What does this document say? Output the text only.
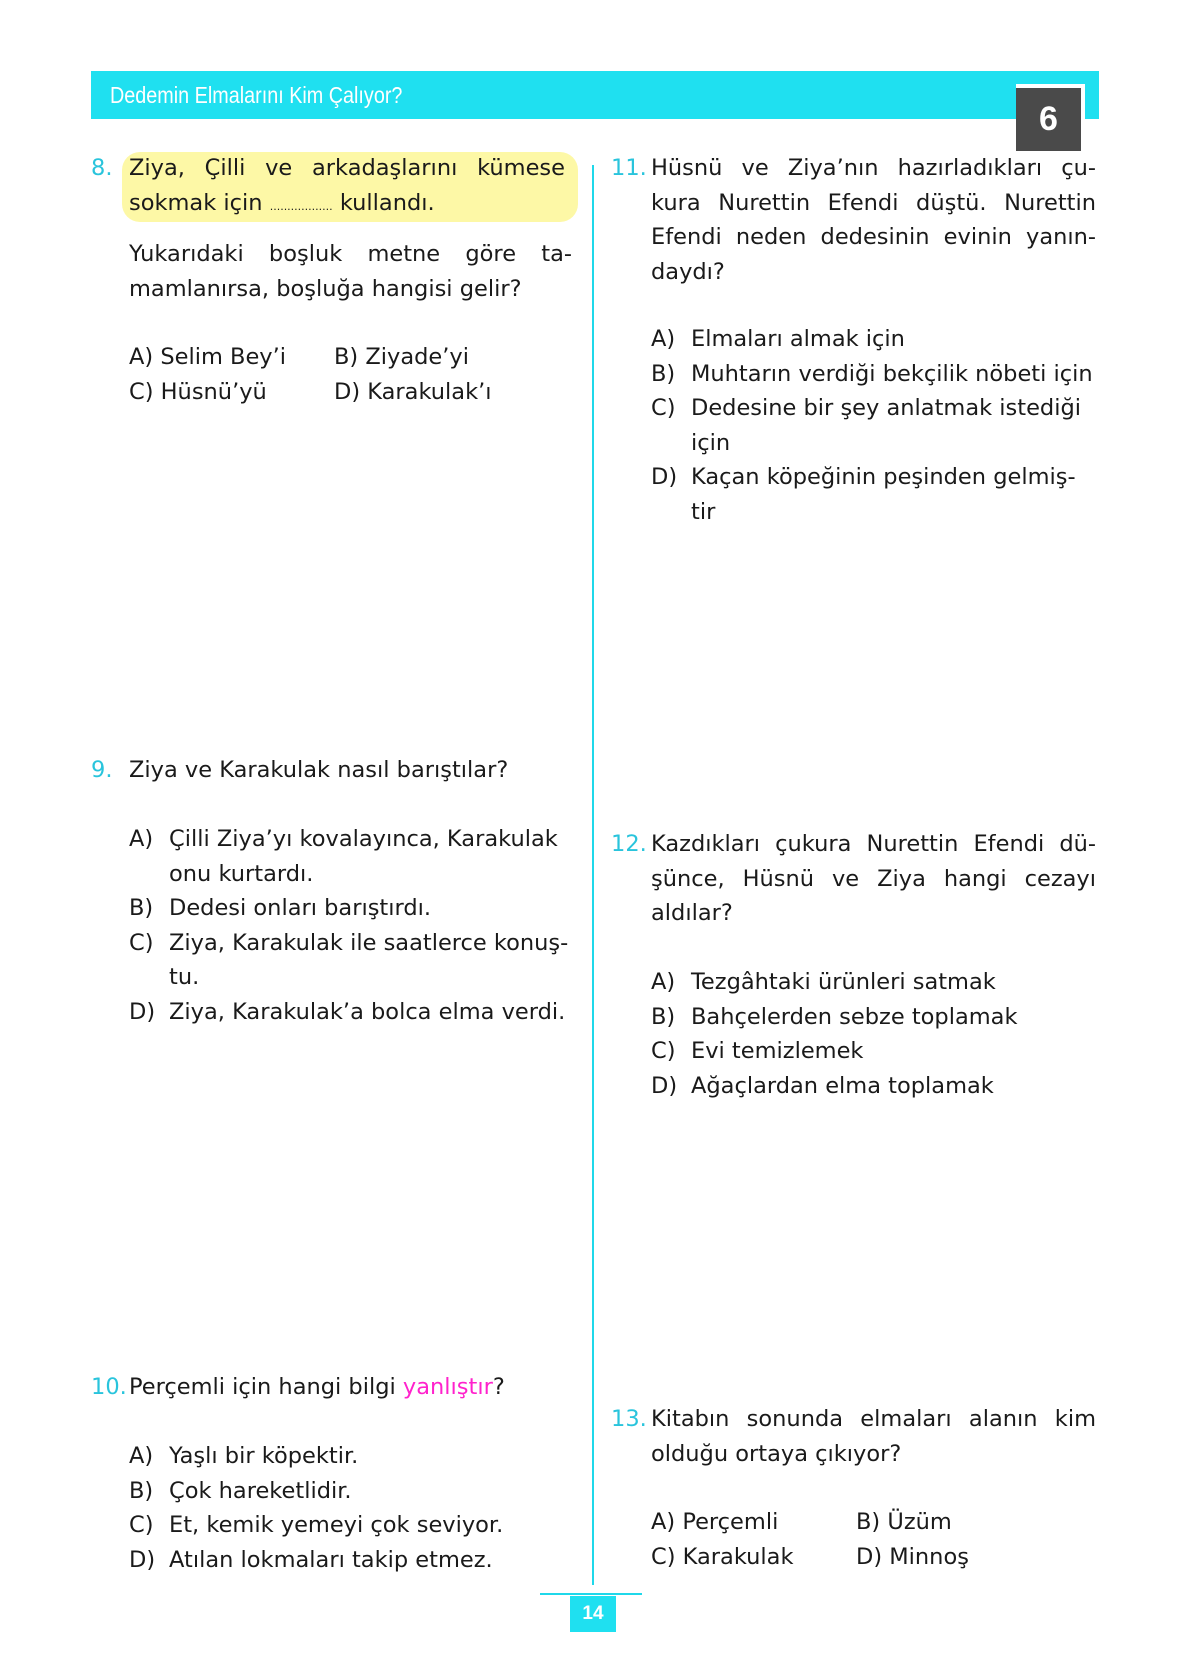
Dedemin Elmalarını Kim Çalıyor?
6
8. Ziya, Çilli ve arkadaşlarını kümese

sokmak için .................. kullandı.

Yukarıdaki boşluk metne göre ta-

mamlanırsa, boşluğa hangisi gelir?

A) Selim Bey’i B) Ziyade’yi
C) Hüsnü’yü	D) Karakulak’ı
9. Ziya ve Karakulak nasıl barıştılar?

A) Çilli Ziya’yı kovalayınca, Karakulak
onu kurtardı.
B) Dedesi onları barıştırdı.
C) Ziya, Karakulak ile saatlerce konuş-
tu.
D) Ziya, Karakulak’a bolca elma verdi.
10. Perçemli için hangi bilgi yanlıştır?

A) Yaşlı bir köpektir.
B) Çok hareketlidir.
C) Et, kemik yemeyi çok seviyor.
D) Atılan lokmaları takip etmez.
11. Hüsnü ve Ziya’nın hazırladıkları çu-

kura Nurettin Efendi düştü. Nurettin

Efendi neden dedesinin evinin yanın-

daydı?

A) Elmaları almak için
B) Muhtarın verdiği bekçilik nöbeti için
C) Dedesine bir şey anlatmak istediği
için
D) Kaçan köpeğinin peşinden gelmiş-
tir
12. Kazdıkları çukura Nurettin Efendi dü-

şünce, Hüsnü ve Ziya hangi cezayı

aldılar?

A) Tezgâhtaki ürünleri satmak
B) Bahçelerden sebze toplamak
C) Evi temizlemek
D) Ağaçlardan elma toplamak
13. Kitabın sonunda elmaları alanın kim

olduğu ortaya çıkıyor?

A) Perçemli	B) Üzüm
C) Karakulak	D) Minnoş
14
